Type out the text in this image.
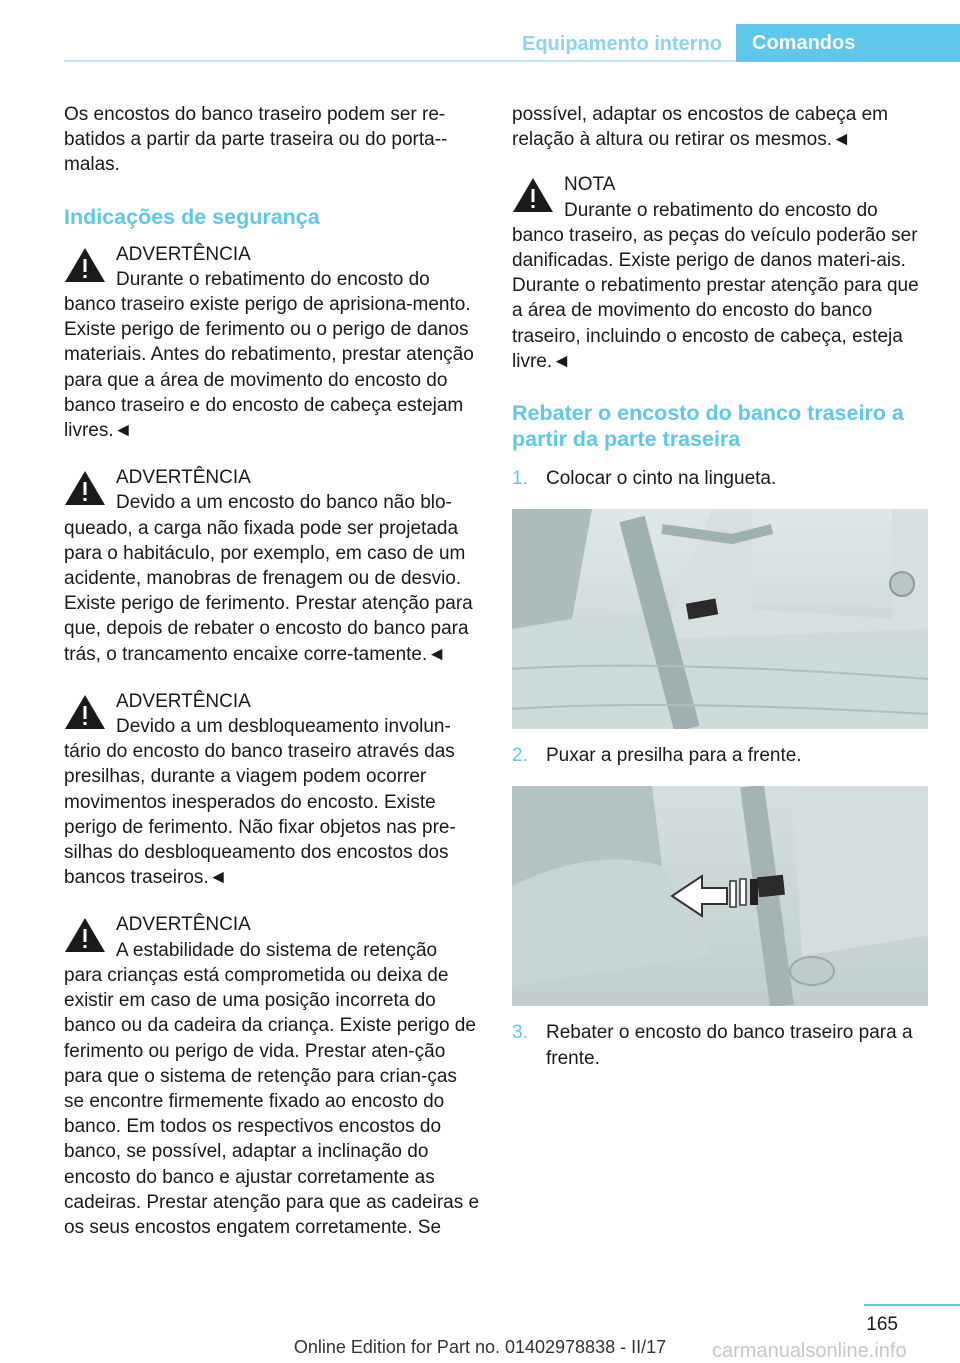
Equipamento interno	Comandos

Os encostos do banco traseiro podem ser re‐batidos a partir da parte traseira ou do porta‐‐malas.

Indicações de segurança
ADVERTÊNCIA
Durante o rebatimento do encosto do banco traseiro existe perigo de aprisiona‐mento. Existe perigo de ferimento ou o perigo de danos materiais. Antes do rebatimento, prestar atenção para que a área de movimento do encosto do banco traseiro e do encosto de cabeça estejam livres.◄
ADVERTÊNCIA
Devido a um encosto do banco não blo‐queado, a carga não fixada pode ser projetada para o habitáculo, por exemplo, em caso de um acidente, manobras de frenagem ou de desvio. Existe perigo de ferimento. Prestar atenção para que, depois de rebater o encosto do banco para trás, o trancamento encaixe corre‐tamente.◄
ADVERTÊNCIA
Devido a um desbloqueamento involun‐tário do encosto do banco traseiro através das presilhas, durante a viagem podem ocorrer movimentos inesperados do encosto. Existe perigo de ferimento. Não fixar objetos nas pre‐silhas do desbloqueamento dos encostos dos bancos traseiros.◄
ADVERTÊNCIA
A estabilidade do sistema de retenção para crianças está comprometida ou deixa de existir em caso de uma posição incorreta do banco ou da cadeira da criança. Existe perigo de ferimento ou perigo de vida. Prestar aten‐ção para que o sistema de retenção para crian‐ças se encontre firmemente fixado ao encosto do banco. Em todos os respectivos encostos do banco, se possível, adaptar a inclinação do encosto do banco e ajustar corretamente as cadeiras. Prestar atenção para que as cadeiras e os seus encostos engatem corretamente. Se

possível, adaptar os encostos de cabeça em relação à altura ou retirar os mesmos.◄

NOTA
Durante o rebatimento do encosto do banco traseiro, as peças do veículo poderão ser danificadas. Existe perigo de danos materi‐ais. Durante o rebatimento prestar atenção para que a área de movimento do encosto do banco traseiro, incluindo o encosto de cabeça, esteja livre.◄
Rebater o encosto do banco traseiro a partir da parte traseira
1. Colocar o cinto na lingueta.
2. Puxar a presilha para a frente.
3. Rebater o encosto do banco traseiro para a frente.
165
Online Edition for Part no. 01402978838 - II/17	carmanualsonline.info
